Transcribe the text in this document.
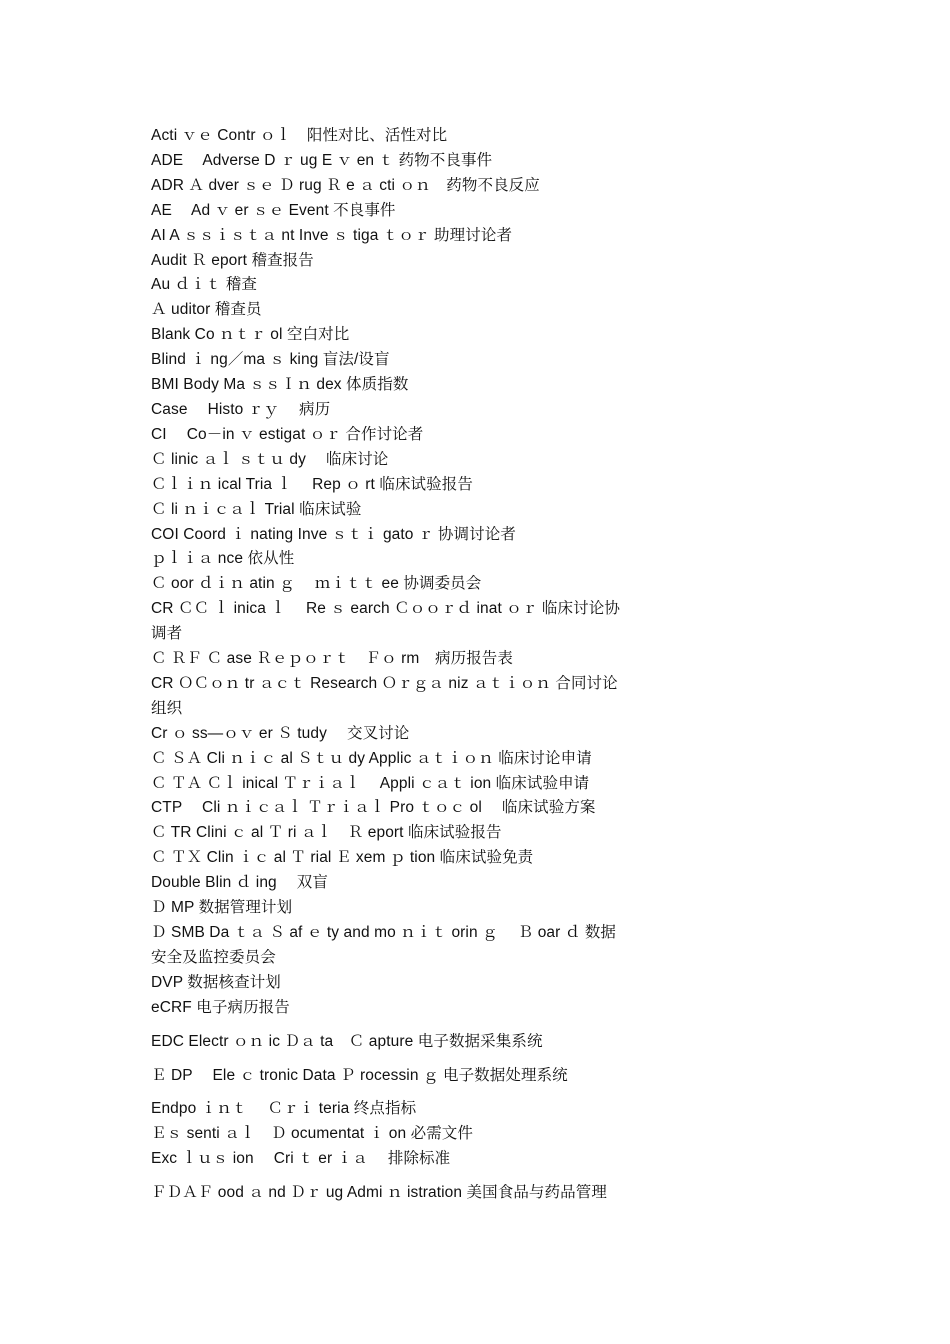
Acti ｖｅ Contr ｏｌ　阳性对比、活性对比
ADE　 Adverse D ｒ ug E ｖ en ｔ 药物不良事件
ADR Ａ dver ｓｅ Ｄ rug Ｒ e ａ cti ｏｎ　药物不良反应
AE　 Ad ｖ er ｓｅ Event 不良事件
AI A ｓｓｉｓｔａ nt Inve ｓ tiga ｔｏｒ 助理讨论者
Audit Ｒ eport 稽查报告
Au ｄｉｔ 稽查
Ａ uditor 稽查员
Blank Co ｎｔｒ ol 空白对比
Blind ｉ ng／ma ｓ king 盲法/设盲
BMI Body Ma ｓｓＩｎ dex 体质指数
Case　 Histo ｒｙ　 病历
CI　 Co－in ｖ estigat ｏｒ 合作讨论者
Ｃ linic ａｌ ｓｔｕ dy　 临床讨论
Ｃｌｉｎ ical Tria ｌ　 Rep ｏ rt 临床试验报告
Ｃ li ｎｉｃａｌ Trial 临床试验
COI Coord ｉ nating Inve ｓｔｉ gato ｒ 协调讨论者
ｐｌｉａ nce 依从性
Ｃ oor ｄｉｎ atin ｇ　 ｍｉｔｔ ee 协调委员会
CR ＣＣ ｌ inica ｌ　 Re ｓ earch Ｃｏｏｒｄ inat ｏｒ 临床讨论协调者
Ｃ ＲＦ Ｃ ase Ｒｅｐｏｒｔ　Ｆｏ rm　病历报告表
CR ＯＣｏｎ tr ａｃｔ Research Ｏｒｇａ niz ａｔｉｏｎ 合同讨论组织
Cr ｏ ss—ｏｖ er Ｓ tudy　 交叉讨论
Ｃ ＳＡ Cli ｎｉｃ al Ｓｔｕ dy Applic ａｔｉｏｎ 临床讨论申请
Ｃ ＴＡ Ｃｌ inical Ｔｒｉａｌ　 Appli ｃａｔ ion 临床试验申请
CTP　 Cli ｎｉｃａｌ Ｔｒｉａｌ Pro ｔｏｃ ol　 临床试验方案
Ｃ TR Clini ｃ al Ｔ ri ａｌ　Ｒ eport 临床试验报告
Ｃ ＴＸ Clin ｉｃ al Ｔ rial Ｅ xem ｐ tion 临床试验免责
Double Blin ｄ ing　 双盲
Ｄ MP 数据管理计划
Ｄ SMB Da ｔａ Ｓ af ｅ ty and mo ｎｉｔ orin ｇ　 Ｂ oar ｄ 数据安全及监控委员会
DVP 数据核查计划
eCRF 电子病历报告
EDC Electr ｏｎ ic Ｄａ ta　Ｃ apture 电子数据采集系统
Ｅ DP　 Ele ｃ tronic Data Ｐ rocessin ｇ 电子数据处理系统
Endpo ｉｎｔ　 Ｃｒｉ teria 终点指标
Ｅｓ senti ａｌ　Ｄ ocumentat ｉ on 必需文件
Exc ｌｕｓ ion　 Cri ｔ er ｉａ　 排除标准
ＦＤＡＦ ood ａ nd Ｄｒ ug Admi ｎ istration 美国食品与药品管理
